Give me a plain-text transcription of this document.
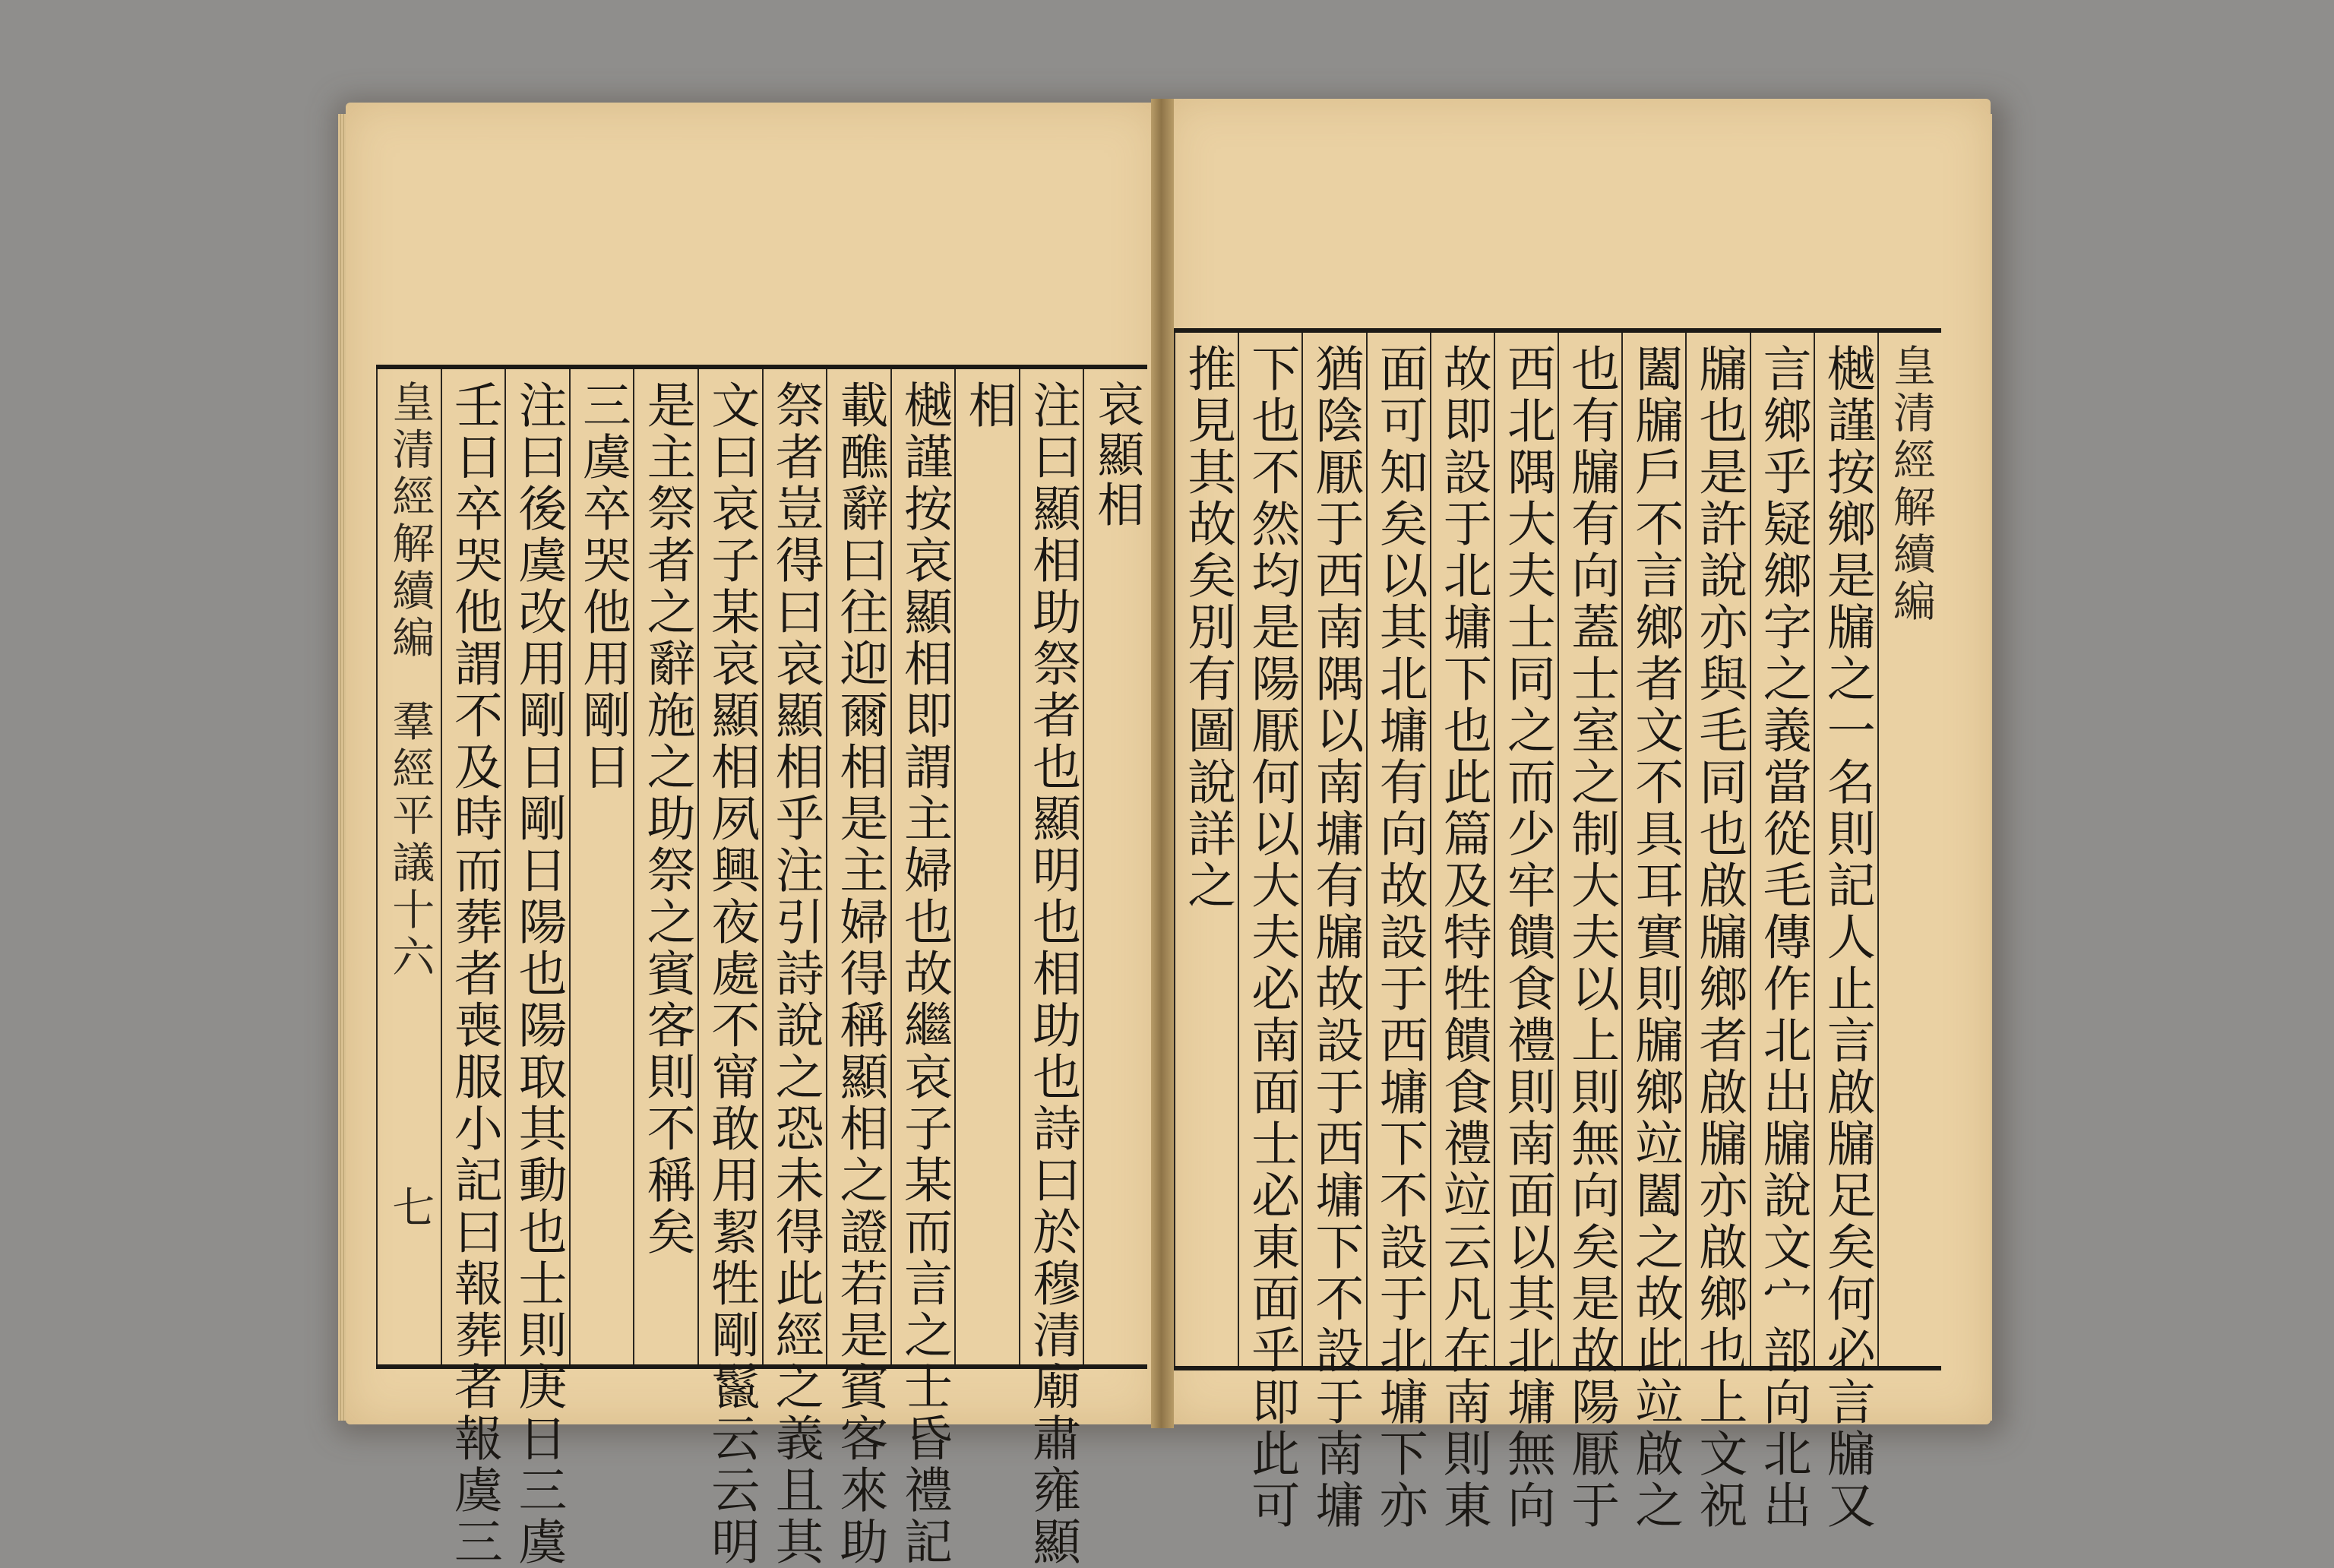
哀顯相
注曰顯相助祭者也顯明也相助也詩曰於穆清廟肅雍顯
相
樾謹按哀顯相即謂主婦也故繼哀子某而言之士昏禮記
載醮辭曰往迎爾相是主婦得稱顯相之證若是賓客來助
祭者豈得曰哀顯相乎注引詩說之恐未得此經之義且其
文曰哀子某哀顯相夙興夜處不甯敢用絜牲剛鬣云云明
是主祭者之辭施之助祭之賓客則不稱矣
三虞卒哭他用剛日
注曰後虞改用剛日剛日陽也陽取其動也士則庚日三虞
壬日卒哭他謂不及時而葬者喪服小記曰報葬者報虞三
皇清經解續編
羣經平議十六
七	樾謹按鄉是牖之一名則記人止言啟牖足矣何必言牖又
言鄉乎疑鄉字之義當從毛傳作北出牖說文宀部向北出
牖也是許說亦與毛同也啟牖鄉者啟牖亦啟鄉也上文祝
闔牖戶不言鄉者文不具耳實則牖鄉竝闔之故此竝啟之
也有牖有向蓋士室之制大夫以上則無向矣是故陽厭于
西北隅大夫士同之而少牢饋食禮則南面以其北墉無向
故即設于北墉下也此篇及特牲饋食禮竝云凡在南則東
面可知矣以其北墉有向故設于西墉下不設于北墉下亦
猶陰厭于西南隅以南墉有牖故設于西墉下不設于南墉
下也不然均是陽厭何以大夫必南面士必東面乎即此可
推見其故矣別有圖說詳之	皇清經解續編
